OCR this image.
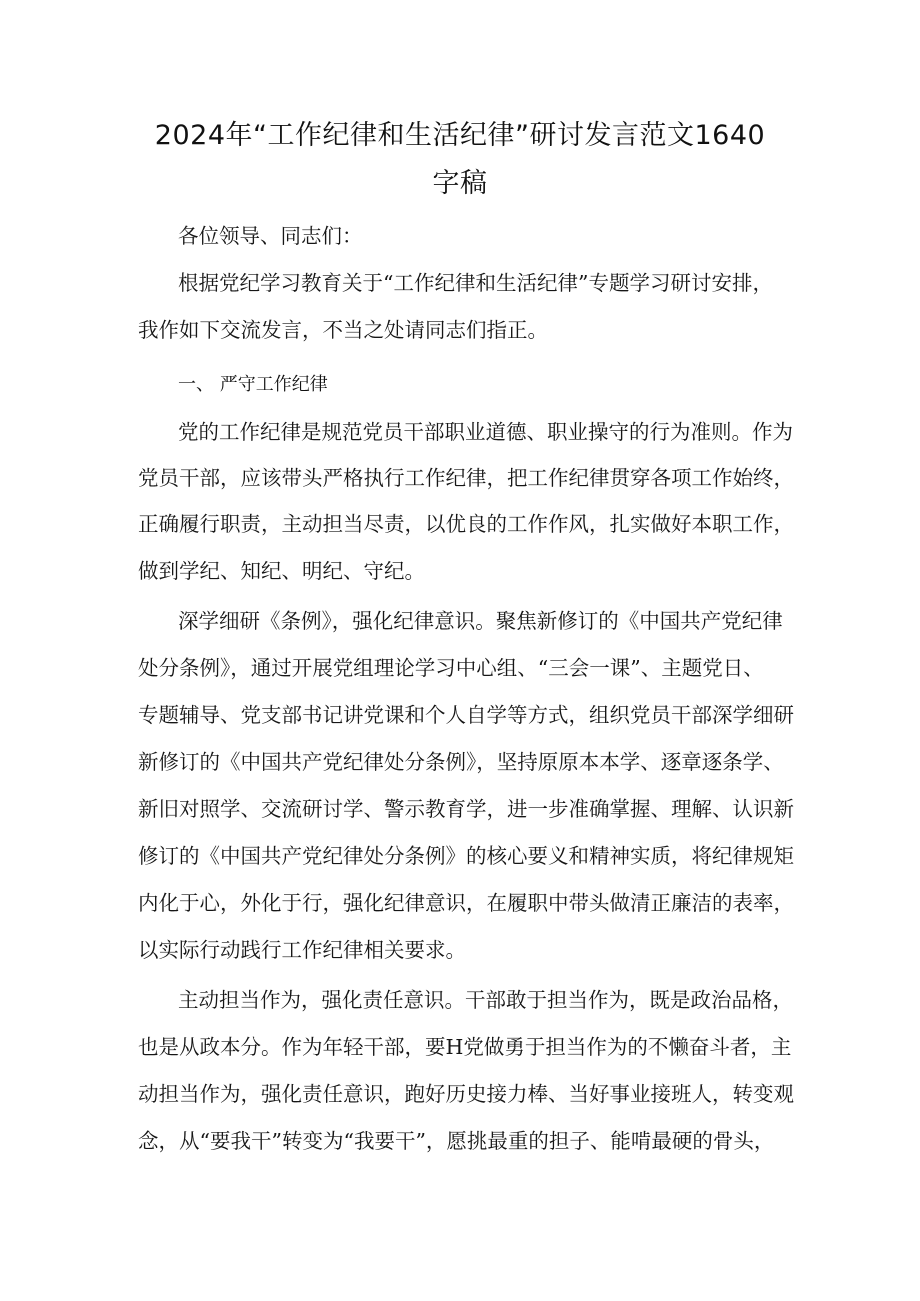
2024年“工作纪律和生活纪律”研讨发言范文1640
字稿
各位领导、同志们：
根据党纪学习教育关于“工作纪律和生活纪律”专题学习研讨安排，
我作如下交流发言，不当之处请同志们指正。
一、 严守工作纪律
党的工作纪律是规范党员干部职业道德、职业操守的行为准则。作为
党员干部，应该带头严格执行工作纪律，把工作纪律贯穿各项工作始终，
正确履行职责，主动担当尽责，以优良的工作作风，扎实做好本职工作，
做到学纪、知纪、明纪、守纪。
深学细研《条例》，强化纪律意识。聚焦新修订的《中国共产党纪律
处分条例》，通过开展党组理论学习中心组、“三会一课”、主题党日、
专题辅导、党支部书记讲党课和个人自学等方式，组织党员干部深学细研
新修订的《中国共产党纪律处分条例》，坚持原原本本学、逐章逐条学、
新旧对照学、交流研讨学、警示教育学，进一步准确掌握、理解、认识新
修订的《中国共产党纪律处分条例》的核心要义和精神实质，将纪律规矩
内化于心，外化于行，强化纪律意识，在履职中带头做清正廉洁的表率，
以实际行动践行工作纪律相关要求。
主动担当作为，强化责任意识。干部敢于担当作为，既是政治品格，
也是从政本分。作为年轻干部，要H党做勇于担当作为的不懒奋斗者，主
动担当作为，强化责任意识，跑好历史接力棒、当好事业接班人，转变观
念，从“要我干”转变为“我要干”，愿挑最重的担子、能啃最硬的骨头，
